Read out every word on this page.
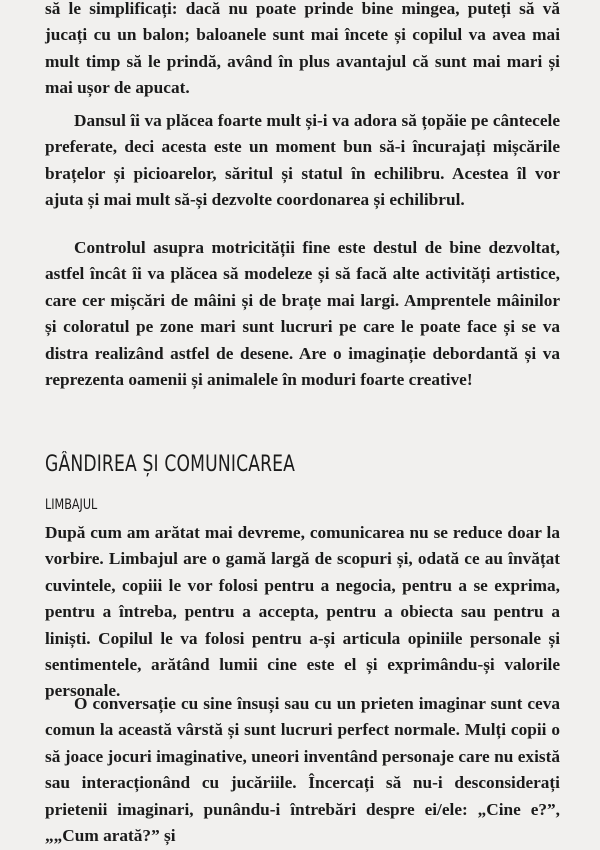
să le simplificați: dacă nu poate prinde bine mingea, puteți să vă jucați cu un balon; baloanele sunt mai încete și copilul va avea mai mult timp să le prindă, având în plus avantajul că sunt mai mari și mai ușor de apucat.

Dansul îi va plăcea foarte mult și-i va adora să țopăie pe cântecele preferate, deci acesta este un moment bun să-i încurajați mișcările brațelor și picioarelor, săritul și statul în echilibru. Acestea îl vor ajuta și mai mult să-și dezvolte coordonarea și echilibrul.

Controlul asupra motricității fine este destul de bine dezvoltat, astfel încât îi va plăcea să modeleze și să facă alte activități artistice, care cer mișcări de mâini și de brațe mai largi. Amprentele mâinilor și coloratul pe zone mari sunt lucruri pe care le poate face și se va distra realizând astfel de desene. Are o imaginație debordantă și va reprezenta oamenii și animalele în moduri foarte creative!

GÂNDIREA ȘI COMUNICAREA
LIMBAJUL

După cum am arătat mai devreme, comunicarea nu se reduce doar la vorbire. Limbajul are o gamă largă de scopuri și, odată ce au învățat cuvintele, copiii le vor folosi pentru a negocia, pentru a se exprima, pentru a întreba, pentru a accepta, pentru a obiecta sau pentru a liniști. Copilul le va folosi pentru a-și articula opiniile personale și sentimentele, arătând lumii cine este el și exprimându-și valorile personale.

O conversație cu sine însuși sau cu un prieten imaginar sunt ceva comun la această vârstă și sunt lucruri perfect normale. Mulți copii o să joace jocuri imaginative, uneori inventând personaje care nu există sau interacționând cu jucăriile. Încercați să nu-i desconsiderați prietenii imaginari, punându-i întrebări despre ei/ele: „Cine e?”, „„Cum arată?” și
